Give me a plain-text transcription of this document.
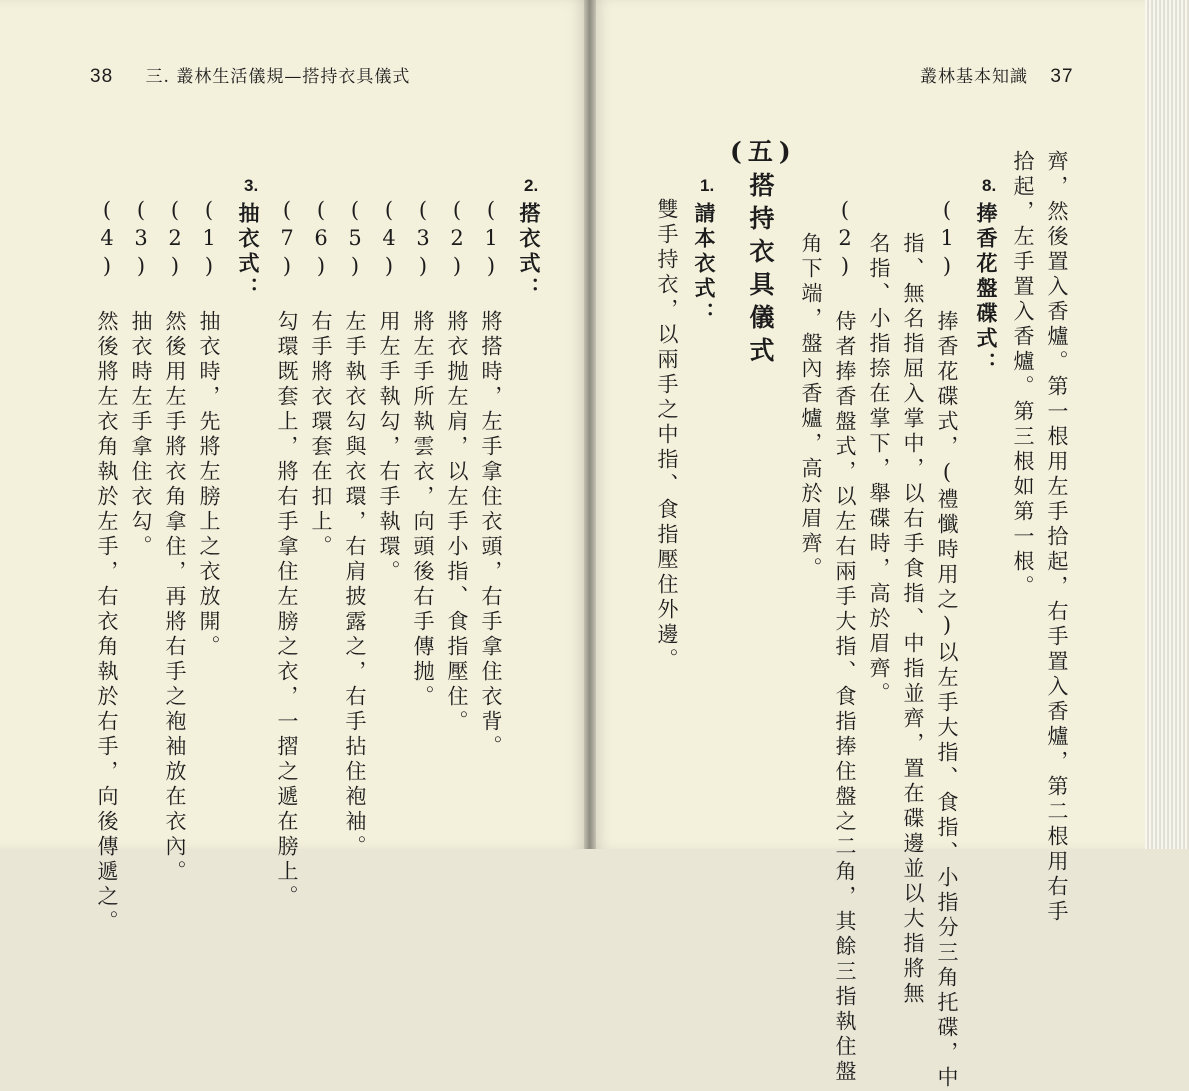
38 三. 叢林生活儀規—搭持衣具儀式	叢林基本知識 37
2.
搭衣式：
(1) 將搭時，左手拿住衣頭，右手拿住衣背。
(2) 將衣抛左肩，以左手小指、食指壓住。
(3) 將左手所執雲衣，向頭後右手傳抛。
(4) 用左手執勾，右手執環。
(5) 左手執衣勾與衣環，右肩披露之，右手拈住袍袖。
(6) 右手將衣環套在扣上。
(7) 勾環既套上，將右手拿住左膀之衣，一摺之遞在膀上。
3.
抽衣式：
(1) 抽衣時，先將左膀上之衣放開。
(2) 然後用左手將衣角拿住，再將右手之袍袖放在衣內。
(3) 抽衣時左手拿住衣勾。
(4) 然後將左衣角執於左手，右衣角執於右手，向後傳遞之。	齊，然後置入香爐。第一根用左手拾起，右手置入香爐，第二根用右手
拾起，左手置入香爐。第三根如第一根。
8.
捧香花盤碟式：
(1) 捧香花碟式，(禮懺時用之)以左手大指、食指、小指分三角托碟，中
指、無名指屈入掌中，以右手食指、中指並齊，置在碟邊並以大指將無
名指、小指捺在掌下，舉碟時，高於眉齊。
(2) 侍者捧香盤式，以左右兩手大指、食指捧住盤之二角，其餘三指執住盤
角下端，盤內香爐，高於眉齊。
(五)
搭持衣具儀式
1.
請本衣式：
雙手持衣，以兩手之中指、食指壓住外邊。
